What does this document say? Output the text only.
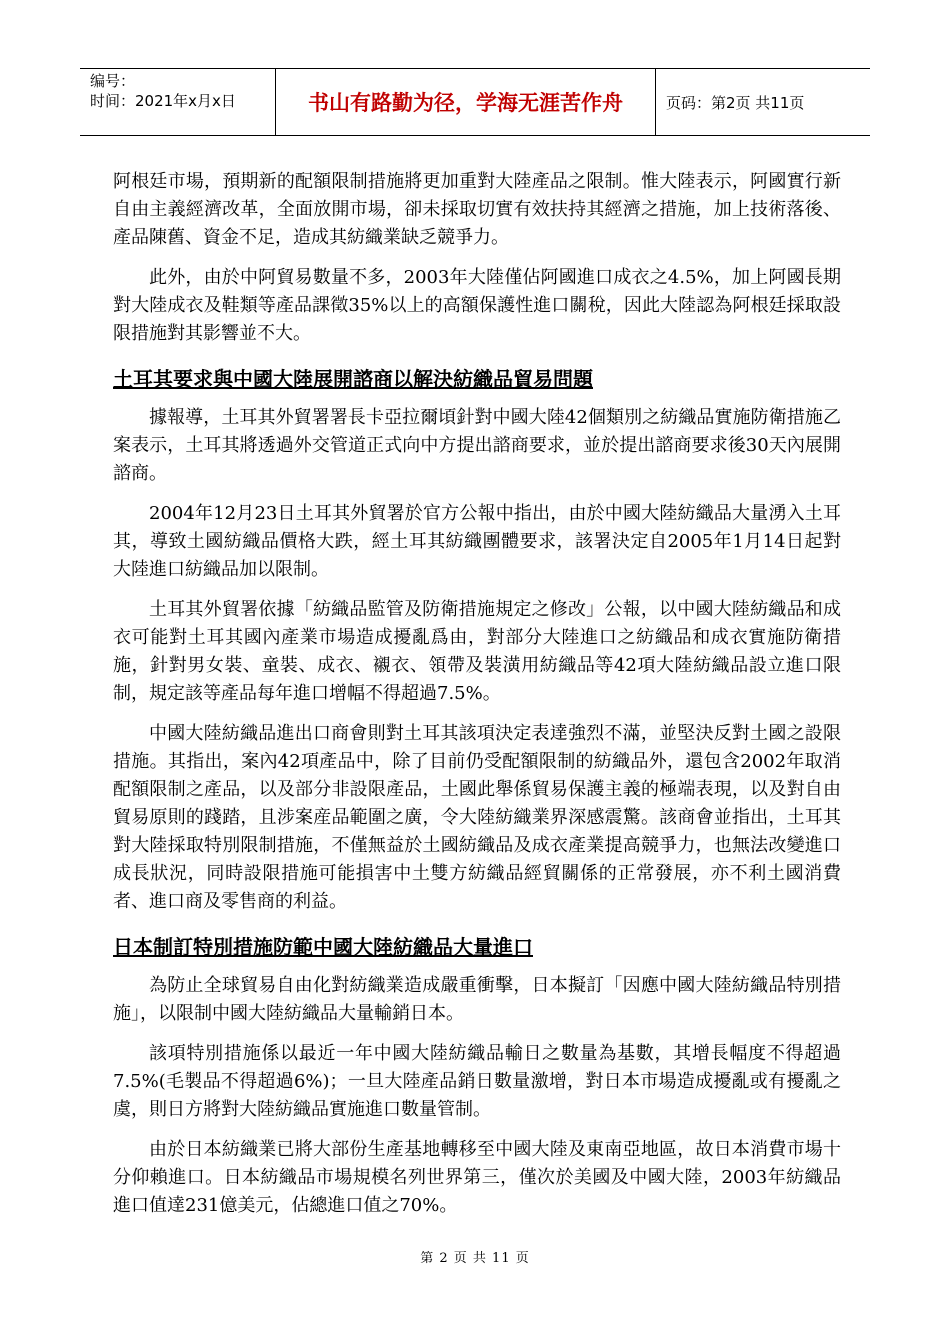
编号：
时间：2021年x月x日	书山有路勤为径，学海无涯苦作舟	页码：第2页 共11页

阿根廷市場，預期新的配額限制措施將更加重對大陸產品之限制。惟大陸表示，阿國實行新自由主義經濟改革，全面放開市場，卻未採取切實有效扶持其經濟之措施，加上技術落後、產品陳舊、資金不足，造成其紡織業缺乏競爭力。

此外，由於中阿貿易數量不多，2003年大陸僅佔阿國進口成衣之4.5%，加上阿國長期對大陸成衣及鞋類等產品課徵35%以上的高額保護性進口關稅，因此大陸認為阿根廷採取設限措施對其影響並不大。

土耳其要求與中國大陸展開諮商以解決紡織品貿易問題

據報導，土耳其外貿署署長卡亞拉爾頃針對中國大陸42個類別之紡織品實施防衛措施乙案表示，土耳其將透過外交管道正式向中方提出諮商要求，並於提出諮商要求後30天內展開諮商。

2004年12月23日土耳其外貿署於官方公報中指出，由於中國大陸紡織品大量湧入土耳其，導致土國紡織品價格大跌，經土耳其紡織團體要求，該署決定自2005年1月14日起對大陸進口紡織品加以限制。

土耳其外貿署依據「紡織品監管及防衛措施規定之修改」公報，以中國大陸紡織品和成衣可能對土耳其國內產業市場造成擾亂爲由，對部分大陸進口之紡織品和成衣實施防衛措施，針對男女裝、童裝、成衣、襯衣、領帶及裝潢用紡織品等42項大陸紡織品設立進口限制，規定該等產品每年進口增幅不得超過7.5%。

中國大陸紡織品進出口商會則對土耳其該項決定表達強烈不滿，並堅決反對土國之設限措施。其指出，案內42項產品中，除了目前仍受配額限制的紡織品外，還包含2002年取消配額限制之產品，以及部分非設限產品，土國此舉係貿易保護主義的極端表現，以及對自由貿易原則的踐踏，且涉案産品範圍之廣，令大陸紡織業界深感震驚。該商會並指出，土耳其對大陸採取特別限制措施，不僅無益於土國紡織品及成衣產業提高競爭力，也無法改變進口成長狀況，同時設限措施可能損害中土雙方紡織品經貿關係的正常發展，亦不利土國消費者、進口商及零售商的利益。

日本制訂特別措施防範中國大陸紡織品大量進口

為防止全球貿易自由化對紡織業造成嚴重衝擊，日本擬訂「因應中國大陸紡織品特別措施」，以限制中國大陸紡織品大量輸銷日本。

該項特別措施係以最近一年中國大陸紡織品輸日之數量為基數，其增長幅度不得超過7.5%(毛製品不得超過6%)；一旦大陸產品銷日數量激增，對日本市場造成擾亂或有擾亂之虞，則日方將對大陸紡織品實施進口數量管制。

由於日本紡織業已將大部份生產基地轉移至中國大陸及東南亞地區，故日本消費市場十分仰賴進口。日本紡織品市場規模名列世界第三，僅次於美國及中國大陸，2003年紡織品進口值達231億美元，佔總進口值之70%。

第 2 页 共 11 页
